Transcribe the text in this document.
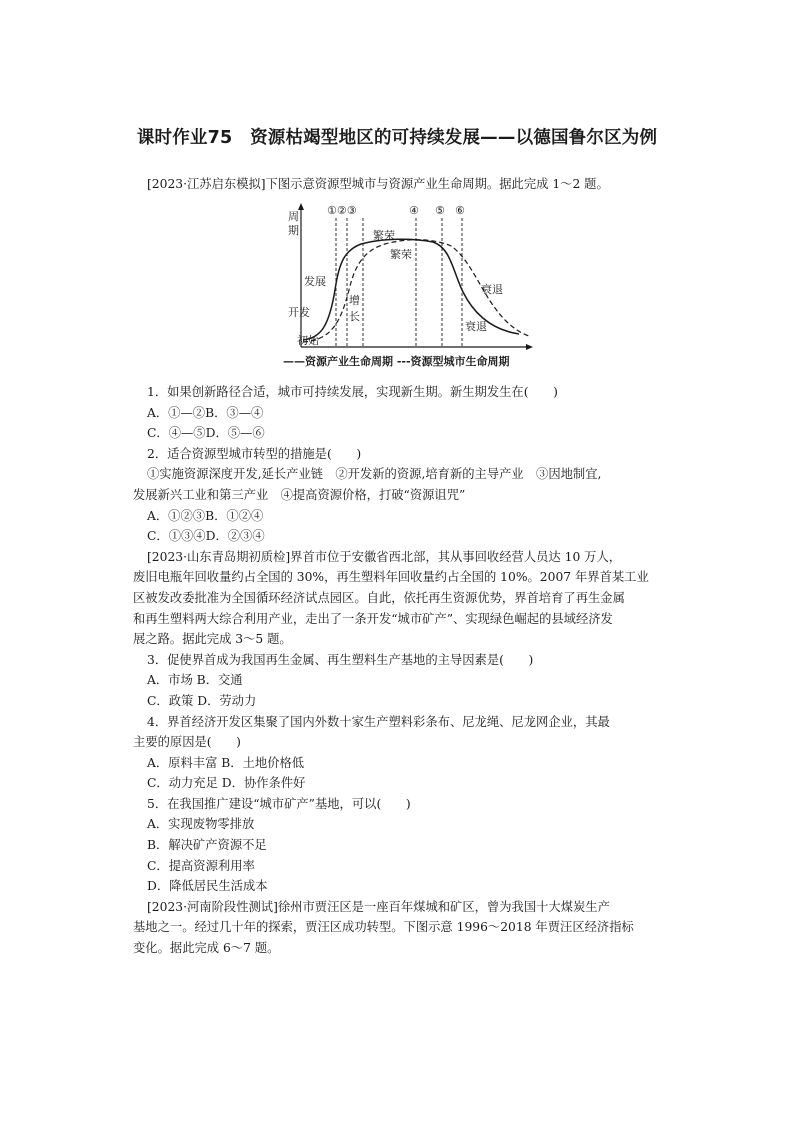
课时作业75　资源枯竭型地区的可持续发展——以德国鲁尔区为例
[2023·江苏启东模拟]下图示意资源型城市与资源产业生命周期。据此完成 1～2 题。
周
期
①②③	④ ⑤ ⑥
繁荣
繁荣
发展
开发
初始
增
长
衰退
衰退
——资源产业生命周期 ---资源型城市生命周期
1．如果创新路径合适，城市可持续发展，实现新生期。新生期发生在(　　)
A．①—②B．③—④
C．④—⑤D．⑤—⑥
2．适合资源型城市转型的措施是(　　)
①实施资源深度开发,延长产业链　②开发新的资源,培育新的主导产业　③因地制宜,
发展新兴工业和第三产业　④提高资源价格，打破“资源诅咒”
A．①②③B．①②④
C．①③④D．②③④
[2023·山东青岛期初质检]界首市位于安徽省西北部，其从事回收经营人员达 10 万人，
废旧电瓶年回收量约占全国的 30%，再生塑料年回收量约占全国的 10%。2007 年界首某工业
区被发改委批准为全国循环经济试点园区。自此，依托再生资源优势，界首培育了再生金属
和再生塑料两大综合利用产业，走出了一条开发“城市矿产”、实现绿色崛起的县域经济发
展之路。据此完成 3～5 题。
3．促使界首成为我国再生金属、再生塑料生产基地的主导因素是(　　)
A．市场 B．交通
C．政策 D．劳动力
4．界首经济开发区集聚了国内外数十家生产塑料彩条布、尼龙绳、尼龙网企业，其最
主要的原因是(　　)
A．原料丰富 B．土地价格低
C．动力充足 D．协作条件好
5．在我国推广建设“城市矿产”基地，可以(　　)
A．实现废物零排放
B．解决矿产资源不足
C．提高资源利用率
D．降低居民生活成本
[2023·河南阶段性测试]徐州市贾汪区是一座百年煤城和矿区，曾为我国十大煤炭生产
基地之一。经过几十年的探索，贾汪区成功转型。下图示意 1996～2018 年贾汪区经济指标
变化。据此完成 6～7 题。
